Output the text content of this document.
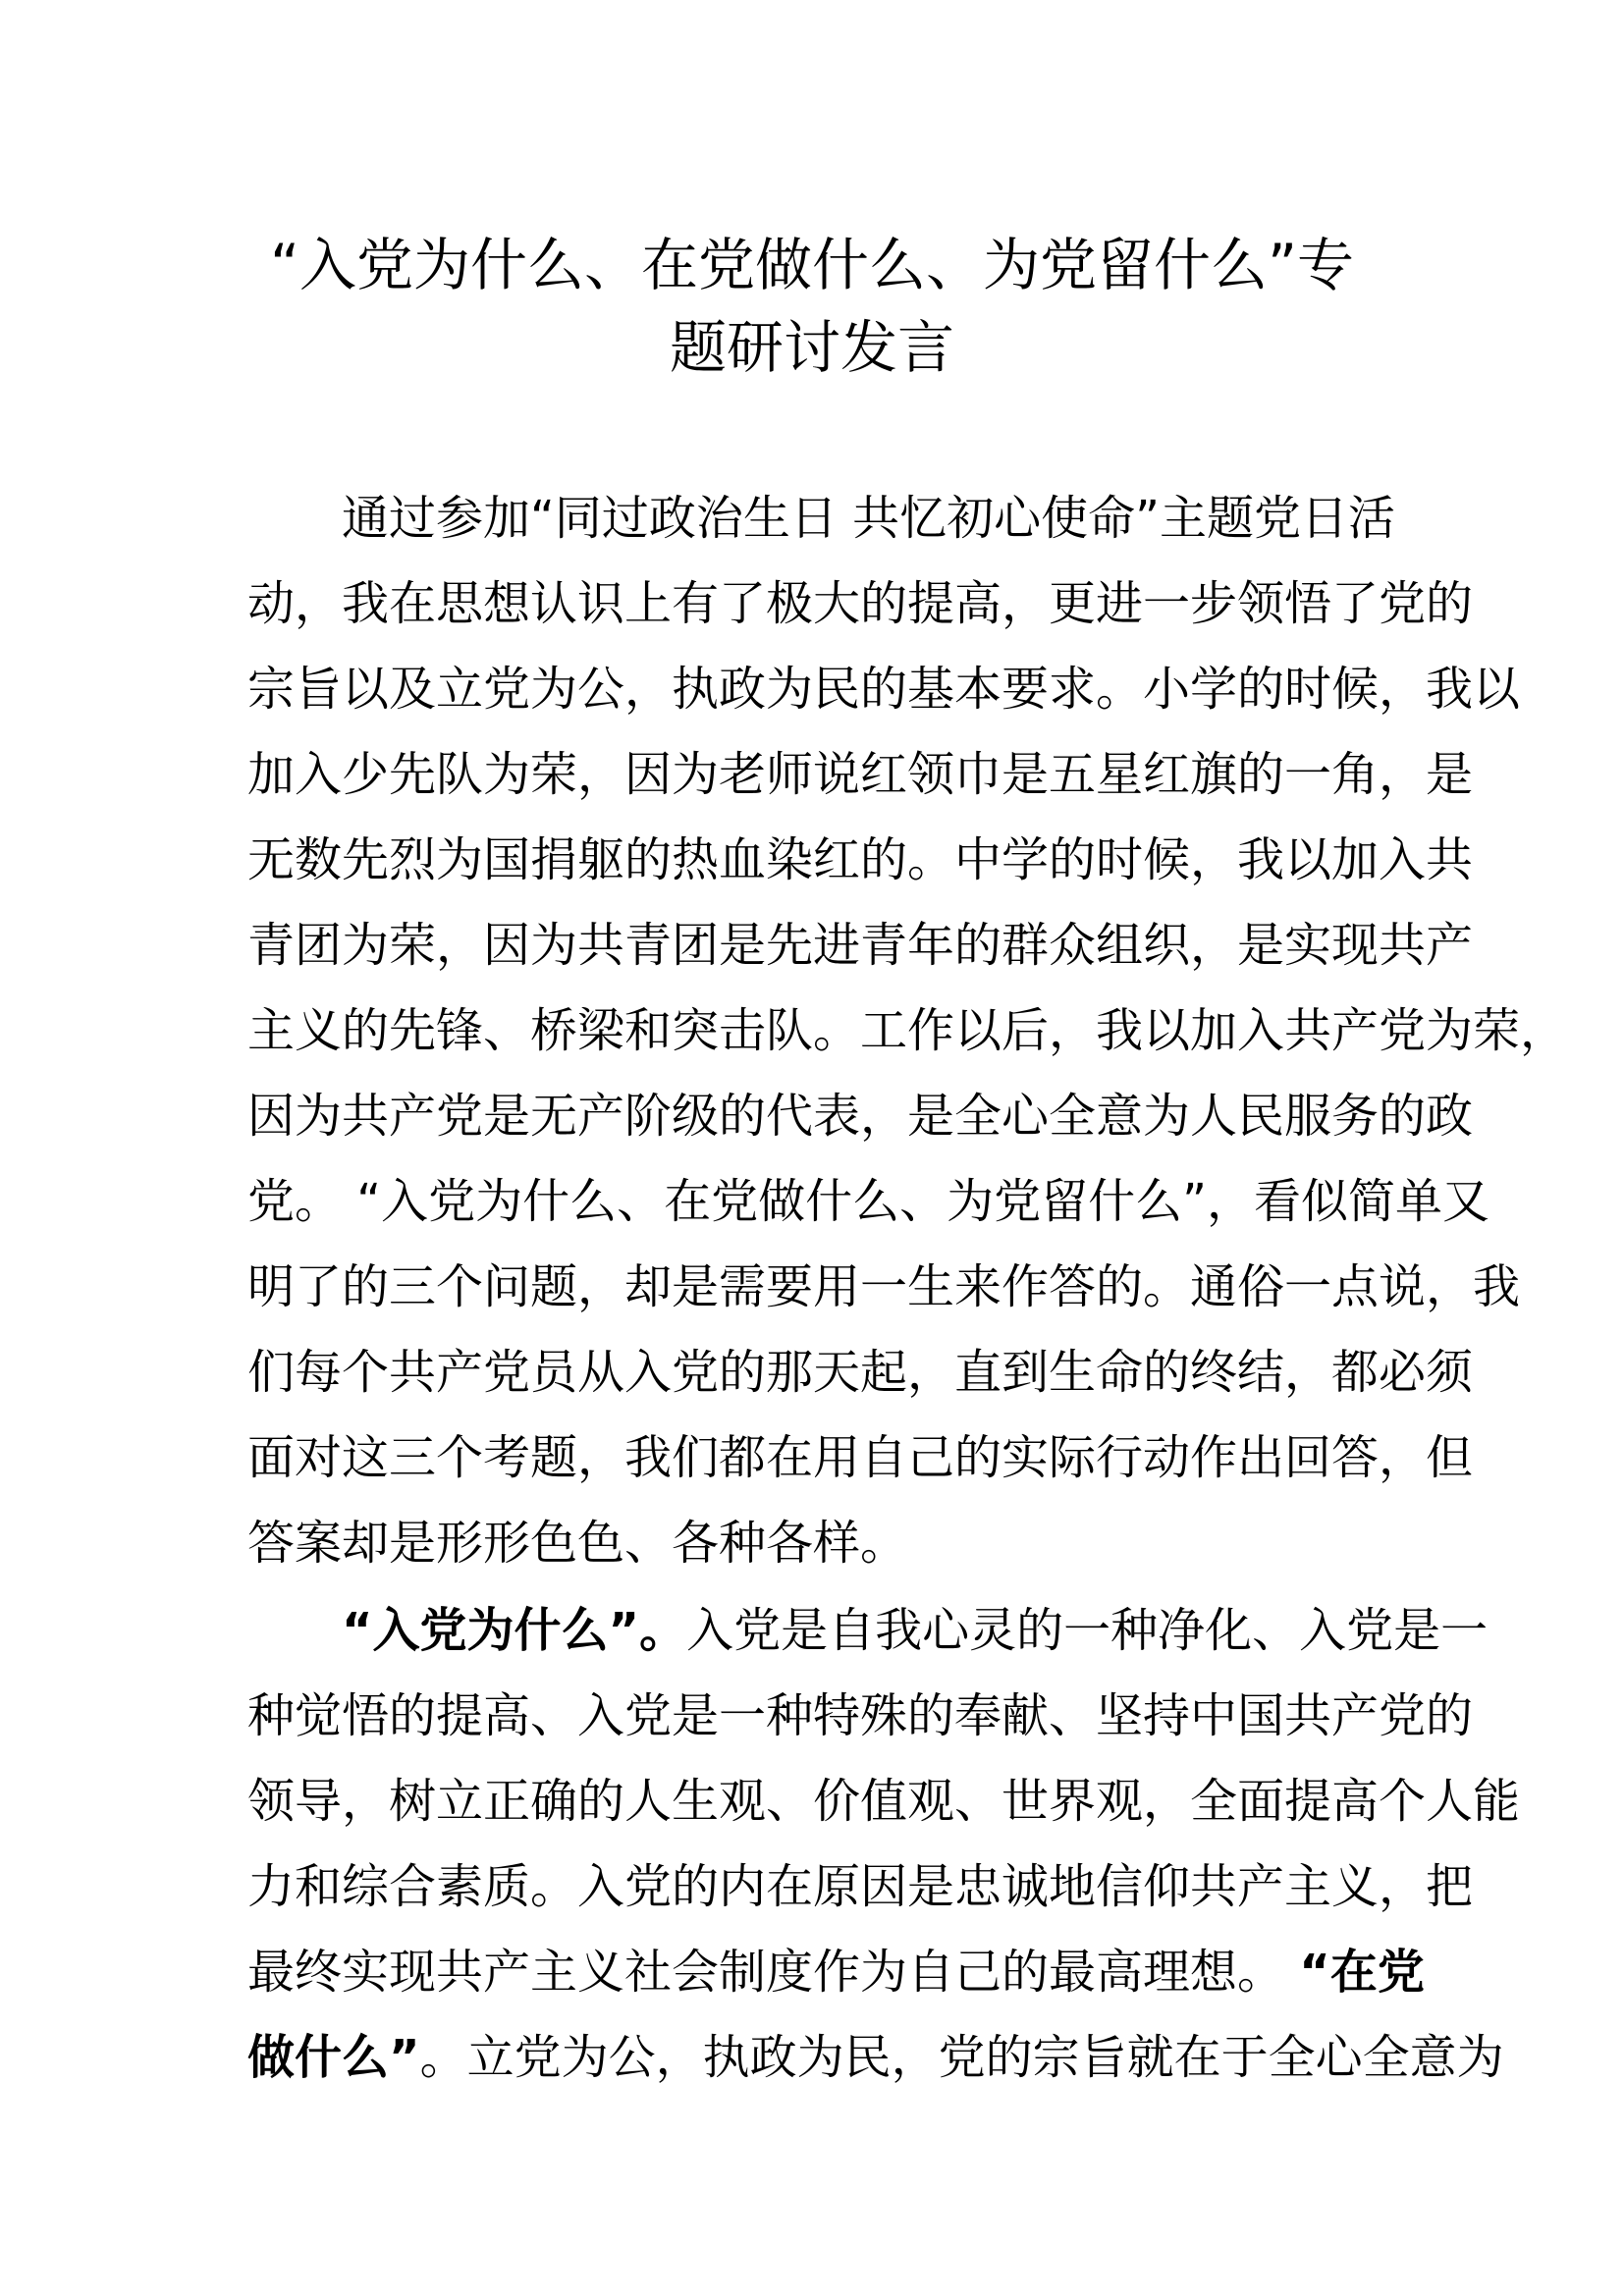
“入党为什么、在党做什么、为党留什么”专
题研讨发言
通过参加“同过政治生日 共忆初心使命”主题党日活
动，我在思想认识上有了极大的提高，更进一步领悟了党的
宗旨以及立党为公，执政为民的基本要求。小学的时候，我以
加入少先队为荣，因为老师说红领巾是五星红旗的一角，是
无数先烈为国捐躯的热血染红的。中学的时候，我以加入共
青团为荣，因为共青团是先进青年的群众组织，是实现共产
主义的先锋、桥梁和突击队。工作以后，我以加入共产党为荣，
因为共产党是无产阶级的代表，是全心全意为人民服务的政
党。 “入党为什么、在党做什么、为党留什么”，看似简单又
明了的三个问题，却是需要用一生来作答的。通俗一点说，我
们每个共产党员从入党的那天起，直到生命的终结，都必须
面对这三个考题，我们都在用自己的实际行动作出回答，但
答案却是形形色色、各种各样。
“入党为什么”。入党是自我心灵的一种净化、入党是一
种觉悟的提高、入党是一种特殊的奉献、坚持中国共产党的
领导，树立正确的人生观、价值观、世界观，全面提高个人能
力和综合素质。入党的内在原因是忠诚地信仰共产主义，把
最终实现共产主义社会制度作为自己的最高理想。 “在党
做什么”。立党为公，执政为民，党的宗旨就在于全心全意为
